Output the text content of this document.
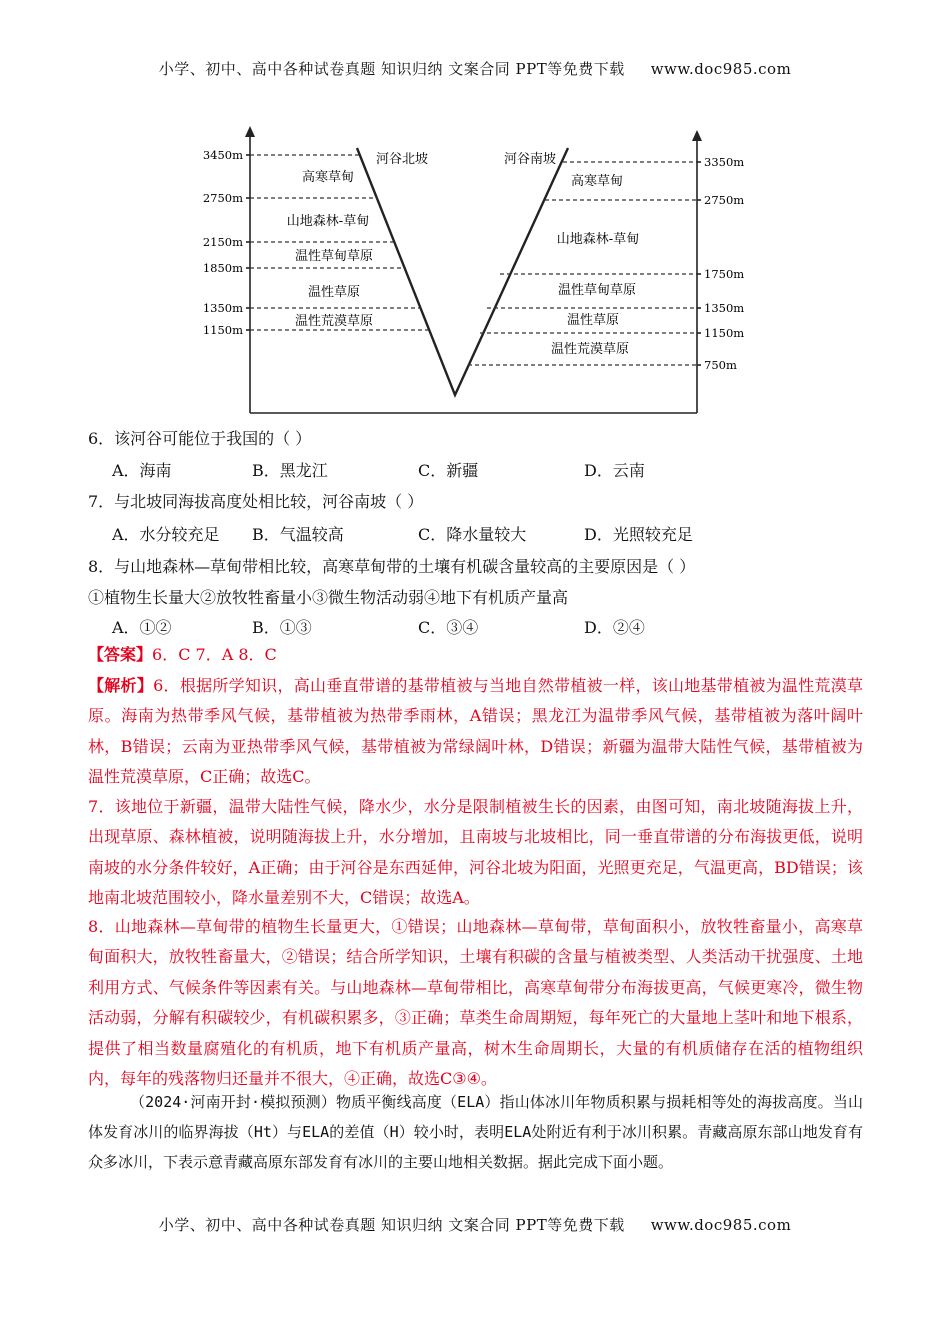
小学、初中、高中各种试卷真题 知识归纳 文案合同 PPT等免费下载 www.doc985.com
河谷北坡	河谷南坡
3450m
2750m
2150m
1850m
1350m
1150m
3350m
2750m
1750m
1350m
1150m
750m
高寒草甸
山地森林-草甸
温性草甸草原
温性草原
温性荒漠草原
高寒草甸
山地森林-草甸
温性草甸草原
温性草原
温性荒漠草原
6．该河谷可能位于我国的（ ）
A．海南	B．黑龙江	C．新疆	D．云南
7．与北坡同海拔高度处相比较，河谷南坡（ ）
A．水分较充足 B．气温较高	C．降水量较大	D．光照较充足
8．与山地森林—草甸带相比较，高寒草甸带的土壤有机碳含量较高的主要原因是（ ）
①植物生长量大②放牧牲畜量小③微生物活动弱④地下有机质产量高
A．①②	B．①③	C．③④	D．②④
【答案】6．C 7．A 8．C
【解析】6．根据所学知识，高山垂直带谱的基带植被与当地自然带植被一样，该山地基带植被为温性荒漠草原。海南为热带季风气候，基带植被为热带季雨林，A错误；黑龙江为温带季风气候，基带植被为落叶阔叶林，B错误；云南为亚热带季风气候，基带植被为常绿阔叶林，D错误；新疆为温带大陆性气候，基带植被为温性荒漠草原，C正确；故选C。
7．该地位于新疆，温带大陆性气候，降水少，水分是限制植被生长的因素，由图可知，南北坡随海拔上升，出现草原、森林植被，说明随海拔上升，水分增加，且南坡与北坡相比，同一垂直带谱的分布海拔更低，说明南坡的水分条件较好，A正确；由于河谷是东西延伸，河谷北坡为阳面，光照更充足，气温更高，BD错误；该地南北坡范围较小，降水量差别不大，C错误；故选A。
8．山地森林—草甸带的植物生长量更大，①错误；山地森林—草甸带，草甸面积小，放牧牲畜量小，高寒草甸面积大，放牧牲畜量大，②错误；结合所学知识，土壤有积碳的含量与植被类型、人类活动干扰强度、土地利用方式、气候条件等因素有关。与山地森林—草甸带相比，高寒草甸带分布海拔更高，气候更寒冷，微生物活动弱，分解有积碳较少，有机碳积累多，③正确；草类生命周期短，每年死亡的大量地上茎叶和地下根系，提供了相当数量腐殖化的有机质，地下有机质产量高，树木生命周期长，大量的有机质储存在活的植物组织内，每年的残落物归还量并不很大，④正确，故选C③④。
（2024·河南开封·模拟预测）物质平衡线高度（ELA）指山体冰川年物质积累与损耗相等处的海拔高度。当山体发育冰川的临界海拔（Ht）与ELA的差值（H）较小时，表明ELA处附近有利于冰川积累。青藏高原东部山地发育有众多冰川，下表示意青藏高原东部发育有冰川的主要山地相关数据。据此完成下面小题。
小学、初中、高中各种试卷真题 知识归纳 文案合同 PPT等免费下载 www.doc985.com
